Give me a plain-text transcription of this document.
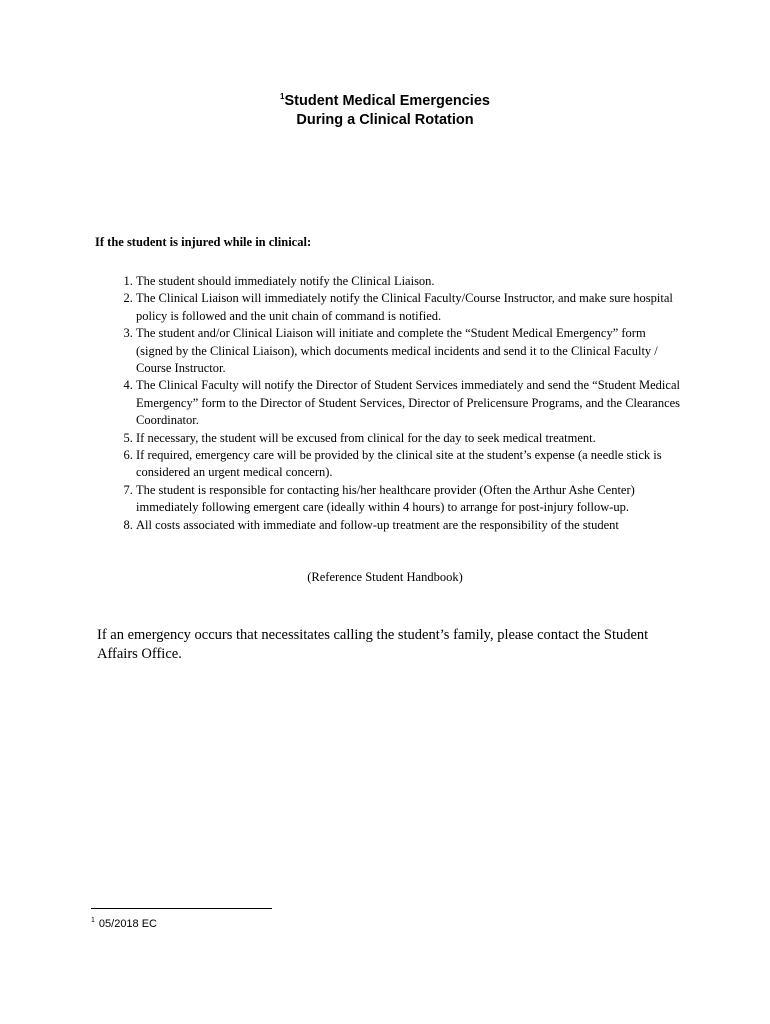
$^1$Student Medical Emergencies
During a Clinical Rotation
If the student is injured while in clinical:
1. The student should immediately notify the Clinical Liaison.
2. The Clinical Liaison will immediately notify the Clinical Faculty/Course Instructor, and make sure hospital policy is followed and the unit chain of command is notified.
3. The student and/or Clinical Liaison will initiate and complete the “Student Medical Emergency” form (signed by the Clinical Liaison), which documents medical incidents and send it to the Clinical Faculty / Course Instructor.
4. The Clinical Faculty will notify the Director of Student Services immediately and send the “Student Medical Emergency” form to the Director of Student Services, Director of Prelicensure Programs, and the Clearances Coordinator.
5. If necessary, the student will be excused from clinical for the day to seek medical treatment.
6. If required, emergency care will be provided by the clinical site at the student’s expense (a needle stick is considered an urgent medical concern).
7. The student is responsible for contacting his/her healthcare provider (Often the Arthur Ashe Center) immediately following emergent care (ideally within 4 hours) to arrange for post-injury follow-up.
8. All costs associated with immediate and follow-up treatment are the responsibility of the student
(Reference Student Handbook)
If an emergency occurs that necessitates calling the student’s family, please contact the Student Affairs Office.
$^1$ 05/2018 EC
